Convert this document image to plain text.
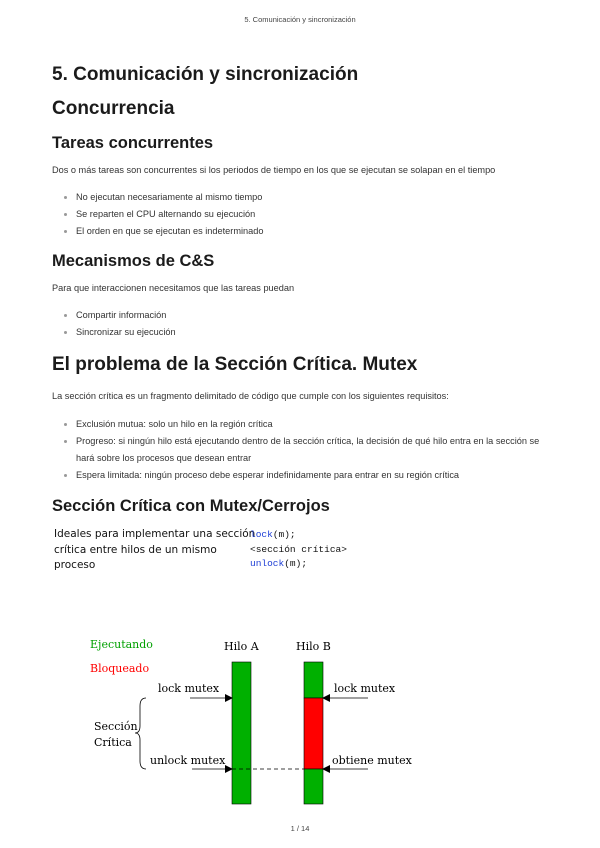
5. Comunicación y sincronización
5. Comunicación y sincronización
Concurrencia
Tareas concurrentes

Dos o más tareas son concurrentes si los periodos de tiempo en los que se ejecutan se solapan en el tiempo

No ejecutan necesariamente al mismo tiempo
Se reparten el CPU alternando su ejecución
El orden en que se ejecutan es indeterminado
Mecanismos de C&S

Para que interaccionen necesitamos que las tareas puedan

Compartir información
Sincronizar su ejecución
El problema de la Sección Crítica. Mutex

La sección crítica es un fragmento delimitado de código que cumple con los siguientes requisitos:

Exclusión mutua: solo un hilo en la región crítica
Progreso: si ningún hilo está ejecutando dentro de la sección crítica, la decisión de qué hilo entra en la sección se hará sobre los procesos que desean entrar
Espera limitada: ningún proceso debe esperar indefinidamente para entrar en su región crítica
Sección Crítica con Mutex/Cerrojos
Ideales para implementar una sección
crítica entre hilos de un mismo
proceso
lock(m);
<sección crítica>
unlock(m);
Ejecutando
Bloqueado
Hilo A	Hilo B
lock mutex	lock mutex
unlock mutex	obtiene mutex
Sección
Crítica
1 / 14
